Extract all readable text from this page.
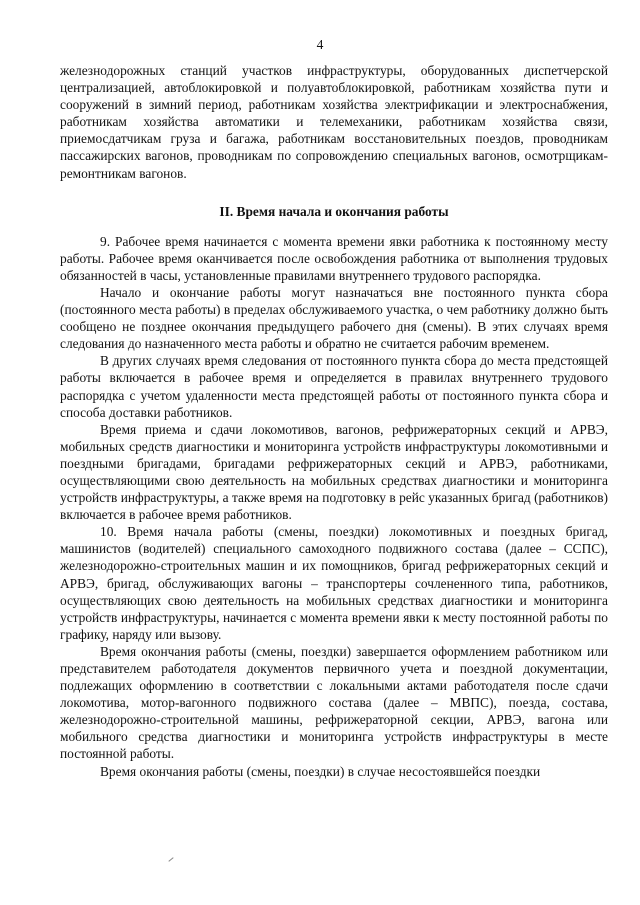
4

железнодорожных станций участков инфраструктуры, оборудованных диспетчерской централизацией, автоблокировкой и полуавтоблокировкой, работникам хозяйства пути и сооружений в зимний период, работникам хозяйства электрификации и электроснабжения, работникам хозяйства автоматики и телемеханики, работникам хозяйства связи, приемосдатчикам груза и багажа, работникам восстановительных поездов, проводникам пассажирских вагонов, проводникам по сопровождению специальных вагонов, осмотрщикам-ремонтникам вагонов.

II. Время начала и окончания работы

9. Рабочее время начинается с момента времени явки работника к постоянному месту работы. Рабочее время оканчивается после освобождения работника от выполнения трудовых обязанностей в часы, установленные правилами внутреннего трудового распорядка.

Начало и окончание работы могут назначаться вне постоянного пункта сбора (постоянного места работы) в пределах обслуживаемого участка, о чем работнику должно быть сообщено не позднее окончания предыдущего рабочего дня (смены). В этих случаях время следования до назначенного места работы и обратно не считается рабочим временем.

В других случаях время следования от постоянного пункта сбора до места предстоящей работы включается в рабочее время и определяется в правилах внутреннего трудового распорядка с учетом удаленности места предстоящей работы от постоянного пункта сбора и способа доставки работников.

Время приема и сдачи локомотивов, вагонов, рефрижераторных секций и АРВЭ, мобильных средств диагностики и мониторинга устройств инфраструктуры локомотивными и поездными бригадами, бригадами рефрижераторных секций и АРВЭ, работниками, осуществляющими свою деятельность на мобильных средствах диагностики и мониторинга устройств инфраструктуры, а также время на подготовку в рейс указанных бригад (работников) включается в рабочее время работников.

10. Время начала работы (смены, поездки) локомотивных и поездных бригад, машинистов (водителей) специального самоходного подвижного состава (далее – ССПС), железнодорожно-строительных машин и их помощников, бригад рефрижераторных секций и АРВЭ, бригад, обслуживающих вагоны – транспортеры сочлененного типа, работников, осуществляющих свою деятельность на мобильных средствах диагностики и мониторинга устройств инфраструктуры, начинается с момента времени явки к месту постоянной работы по графику, наряду или вызову.

Время окончания работы (смены, поездки) завершается оформлением работником или представителем работодателя документов первичного учета и поездной документации, подлежащих оформлению в соответствии с локальными актами работодателя после сдачи локомотива, мотор-вагонного подвижного состава (далее – МВПС), поезда, состава, железнодорожно-строительной машины, рефрижераторной секции, АРВЭ, вагона или мобильного средства диагностики и мониторинга устройств инфраструктуры в месте постоянной работы.

Время окончания работы (смены, поездки) в случае несостоявшейся поездки
